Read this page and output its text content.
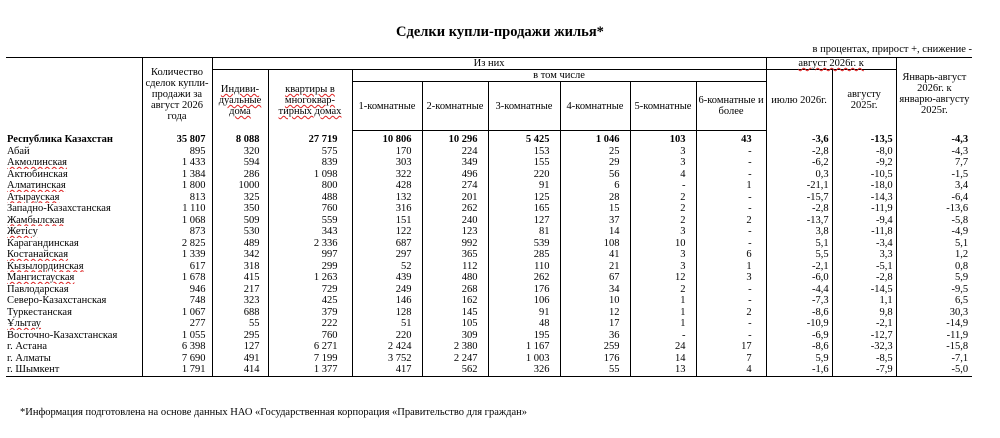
Сделки купли-продажи жилья*
в процентах, прирост +, снижение -
	Количество сделок купли-продажи за август 2026 года	Из них								август 2026г. к		Январь-август 2026г. к январю-августу 2025г.
		Индиви-дуальные дома	квартиры в многоквар-тирных домах	в том числе						июлю 2026г.	августу 2025г.	
				1-комнатные	2-комнатные	3-комнатные	4-комнатные	5-комнатные	6-комнатные и более			
Республика Казахстан	35 807	8 088	27 719	10 806	10 296	5 425	1 046	103	43	-3,6	-13,5	-4,3
Абай	895	320	575	170	224	153	25	3	-	-2,8	-8,0	-4,3
Акмолинская	1 433	594	839	303	349	155	29	3	-	-6,2	-9,2	7,7
Актюбинская	1 384	286	1 098	322	496	220	56	4	-	0,3	-10,5	-1,5
Алматинская	1 800	1000	800	428	274	91	6	-	1	-21,1	-18,0	3,4
Атырауская	813	325	488	132	201	125	28	2	-	-15,7	-14,3	-6,4
Западно-Казахстанская	1 110	350	760	316	262	165	15	2	-	-2,8	-11,9	-13,6
Жамбылская	1 068	509	559	151	240	127	37	2	2	-13,7	-9,4	-5,8
Жетісу	873	530	343	122	123	81	14	3	-	3,8	-11,8	-4,9
Карагандинская	2 825	489	2 336	687	992	539	108	10	-	5,1	-3,4	5,1
Костанайская	1 339	342	997	297	365	285	41	3	6	5,5	3,3	1,2
Кызылординская	617	318	299	52	112	110	21	3	1	-2,1	-5,1	0,8
Мангистауская	1 678	415	1 263	439	480	262	67	12	3	-6,0	-2,8	5,9
Павлодарская	946	217	729	249	268	176	34	2	-	-4,4	-14,5	-9,5
Северо-Казахстанская	748	323	425	146	162	106	10	1	-	-7,3	1,1	6,5
Туркестанская	1 067	688	379	128	145	91	12	1	2	-8,6	9,8	30,3
Ұлытау	277	55	222	51	105	48	17	1	-	-10,9	-2,1	-14,9
Восточно-Казахстанская	1 055	295	760	220	309	195	36	-	-	-6,9	-12,7	-11,9
г. Астана	6 398	127	6 271	2 424	2 380	1 167	259	24	17	-8,6	-32,3	-15,8
г. Алматы	7 690	491	7 199	3 752	2 247	1 003	176	14	7	5,9	-8,5	-7,1
г. Шымкент	1 791	414	1 377	417	562	326	55	13	4	-1,6	-7,9	-5,0
*Информация подготовлена на основе данных НАО «Государственная корпорация «Правительство для граждан»
